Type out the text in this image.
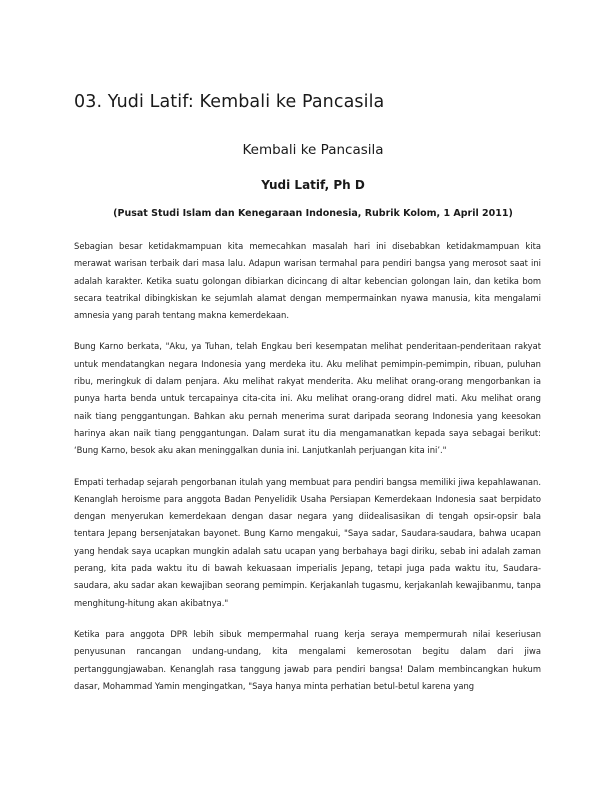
03. Yudi Latif: Kembali ke Pancasila
Kembali ke Pancasila
Yudi Latif, Ph D
(Pusat Studi Islam dan Kenegaraan Indonesia, Rubrik Kolom, 1 April 2011)

Sebagian besar ketidakmampuan kita memecahkan masalah hari ini disebabkan ketidakmampuan kita merawat warisan terbaik dari masa lalu. Adapun warisan termahal para pendiri bangsa yang merosot saat ini adalah karakter. Ketika suatu golongan dibiarkan dicincang di altar kebencian golongan lain, dan ketika bom secara teatrikal dibingkiskan ke sejumlah alamat dengan mempermainkan nyawa manusia, kita mengalami amnesia yang parah tentang makna kemerdekaan.

Bung Karno berkata, "Aku, ya Tuhan, telah Engkau beri kesempatan melihat penderitaan-penderitaan rakyat untuk mendatangkan negara Indonesia yang merdeka itu. Aku melihat pemimpin-pemimpin, ribuan, puluhan ribu, meringkuk di dalam penjara. Aku melihat rakyat menderita. Aku melihat orang-orang mengorbankan ia punya harta benda untuk tercapainya cita-cita ini. Aku melihat orang-orang didrel mati. Aku melihat orang naik tiang penggantungan. Bahkan aku pernah menerima surat daripada seorang Indonesia yang keesokan harinya akan naik tiang penggantungan. Dalam surat itu dia mengamanatkan kepada saya sebagai berikut: ‘Bung Karno, besok aku akan meninggalkan dunia ini. Lanjutkanlah perjuangan kita ini’."

Empati terhadap sejarah pengorbanan itulah yang membuat para pendiri bangsa memiliki jiwa kepahlawanan. Kenanglah heroisme para anggota Badan Penyelidik Usaha Persiapan Kemerdekaan Indonesia saat berpidato dengan menyerukan kemerdekaan dengan dasar negara yang diidealisasikan di tengah opsir-opsir bala tentara Jepang bersenjatakan bayonet. Bung Karno mengakui, "Saya sadar, Saudara-saudara, bahwa ucapan yang hendak saya ucapkan mungkin adalah satu ucapan yang berbahaya bagi diriku, sebab ini adalah zaman perang, kita pada waktu itu di bawah kekuasaan imperialis Jepang, tetapi juga pada waktu itu, Saudara-saudara, aku sadar akan kewajiban seorang pemimpin. Kerjakanlah tugasmu, kerjakanlah kewajibanmu, tanpa menghitung-hitung akan akibatnya."

Ketika para anggota DPR lebih sibuk mempermahal ruang kerja seraya mempermurah nilai keseriusan penyusunan rancangan undang-undang, kita mengalami kemerosotan begitu dalam dari jiwa pertanggungjawaban. Kenanglah rasa tanggung jawab para pendiri bangsa! Dalam membincangkan hukum dasar, Mohammad Yamin mengingatkan, "Saya hanya minta perhatian betul-betul karena yang
